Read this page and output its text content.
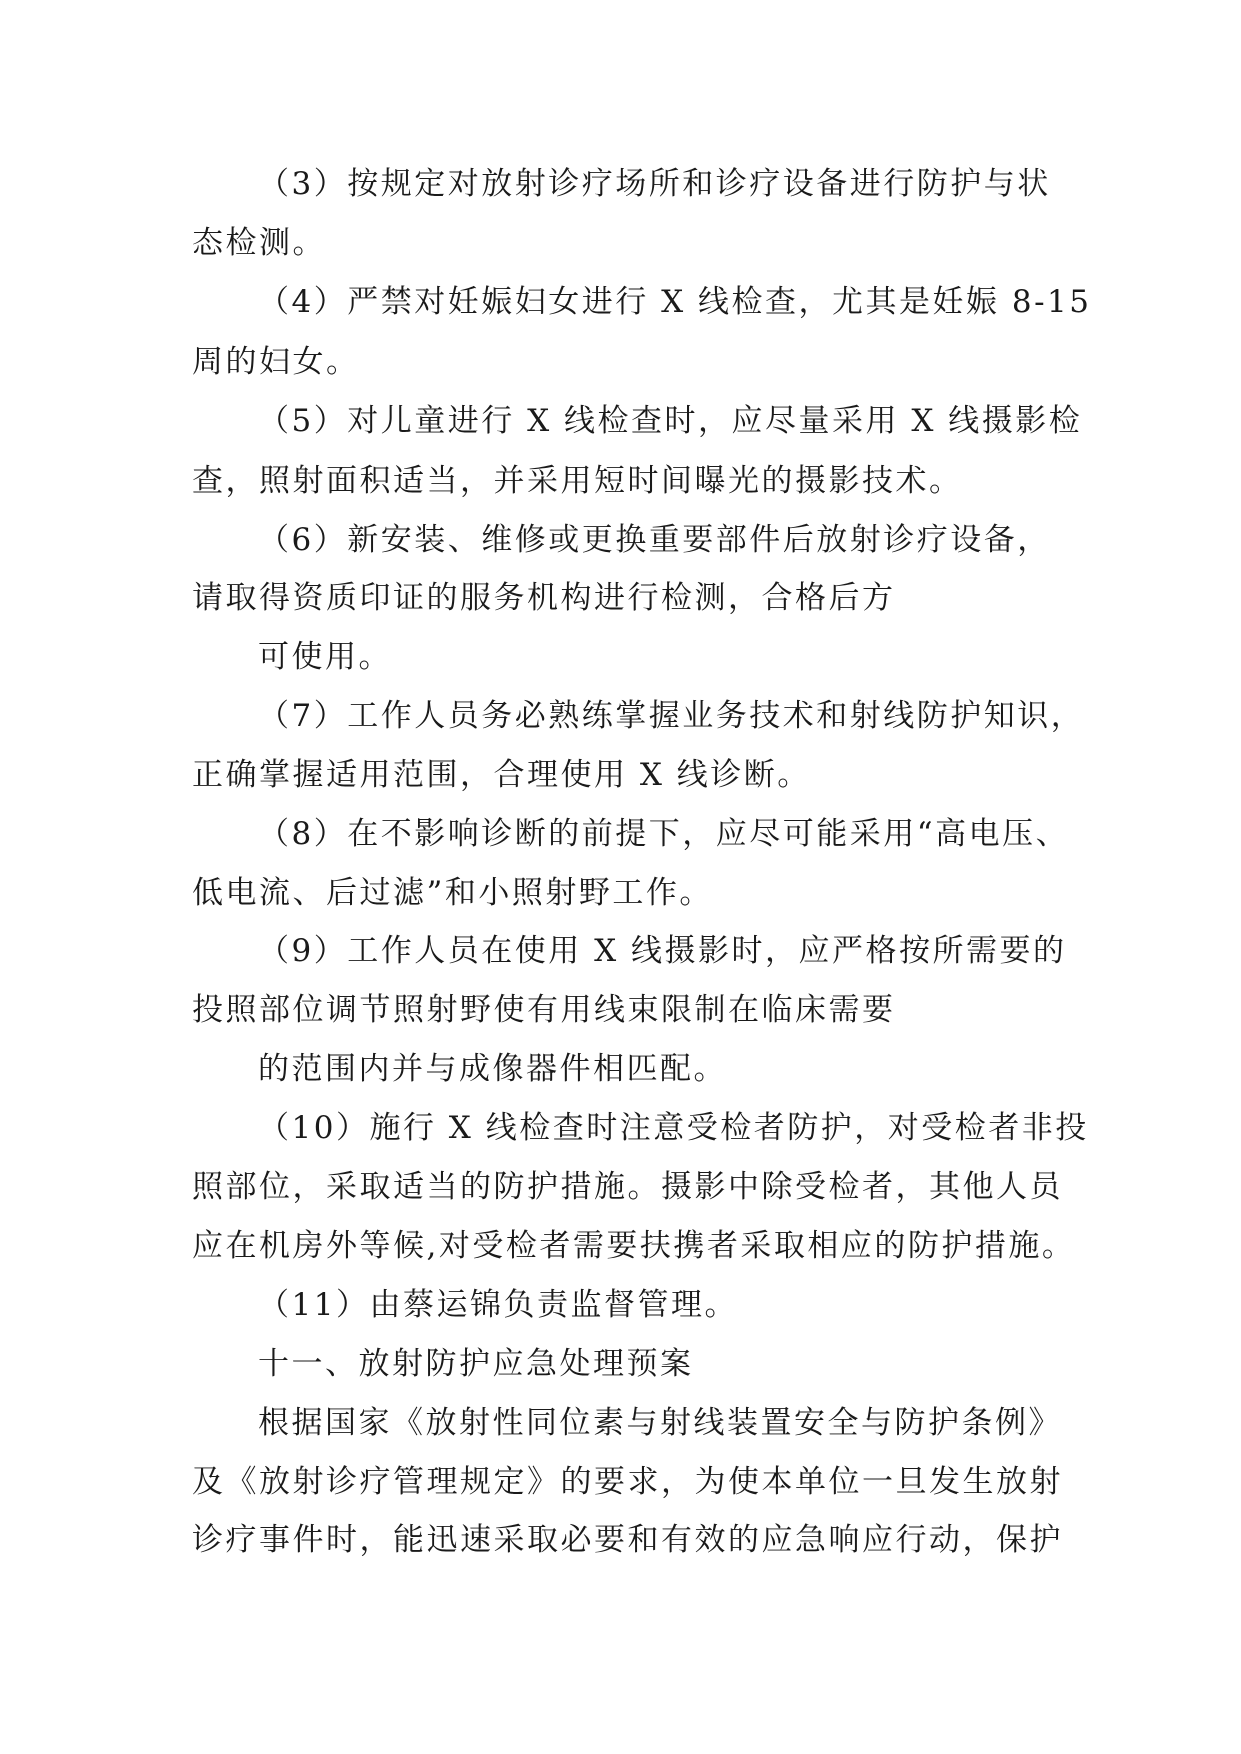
（3）按规定对放射诊疗场所和诊疗设备进行防护与状
态检测。
（4）严禁对妊娠妇女进行 X 线检查，尤其是妊娠 8-15
周的妇女。
（5）对儿童进行 X 线检查时，应尽量采用 X 线摄影检
查，照射面积适当，并采用短时间曝光的摄影技术。
（6）新安装、维修或更换重要部件后放射诊疗设备，
请取得资质印证的服务机构进行检测，合格后方
可使用。
（7）工作人员务必熟练掌握业务技术和射线防护知识，
正确掌握适用范围，合理使用 X 线诊断。
（8）在不影响诊断的前提下，应尽可能采用“高电压、
低电流、后过滤”和小照射野工作。
（9）工作人员在使用 X 线摄影时，应严格按所需要的
投照部位调节照射野使有用线束限制在临床需要
的范围内并与成像器件相匹配。
（10）施行 X 线检查时注意受检者防护，对受检者非投
照部位，采取适当的防护措施。摄影中除受检者，其他人员
应在机房外等候,对受检者需要扶携者采取相应的防护措施。
（11）由蔡运锦负责监督管理。
十一、放射防护应急处理预案
根据国家《放射性同位素与射线装置安全与防护条例》
及《放射诊疗管理规定》的要求，为使本单位一旦发生放射
诊疗事件时，能迅速采取必要和有效的应急响应行动，保护
